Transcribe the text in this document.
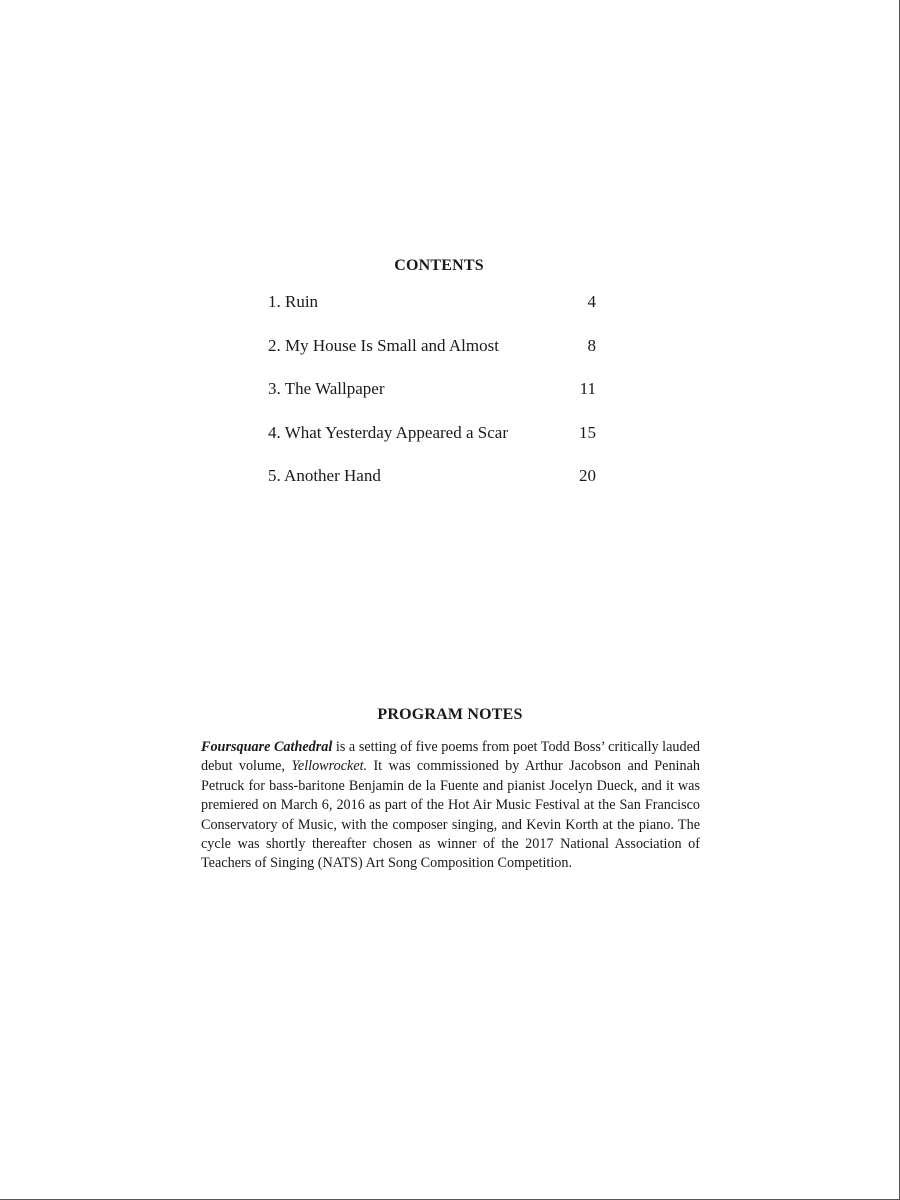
CONTENTS
1. Ruin	4
2. My House Is Small and Almost	8
3. The Wallpaper	11
4. What Yesterday Appeared a Scar	15
5. Another Hand	20
PROGRAM NOTES

Foursquare Cathedral is a setting of five poems from poet Todd Boss’ critically lauded debut volume, Yellowrocket. It was commissioned by Arthur Jacobson and Peninah Petruck for bass-baritone Benjamin de la Fuente and pianist Jocelyn Dueck, and it was premiered on March 6, 2016 as part of the Hot Air Music Festival at the San Francisco Conservatory of Music, with the composer singing, and Kevin Korth at the piano. The cycle was shortly thereafter chosen as winner of the 2017 National Association of Teachers of Singing (NATS) Art Song Composition Competition.
